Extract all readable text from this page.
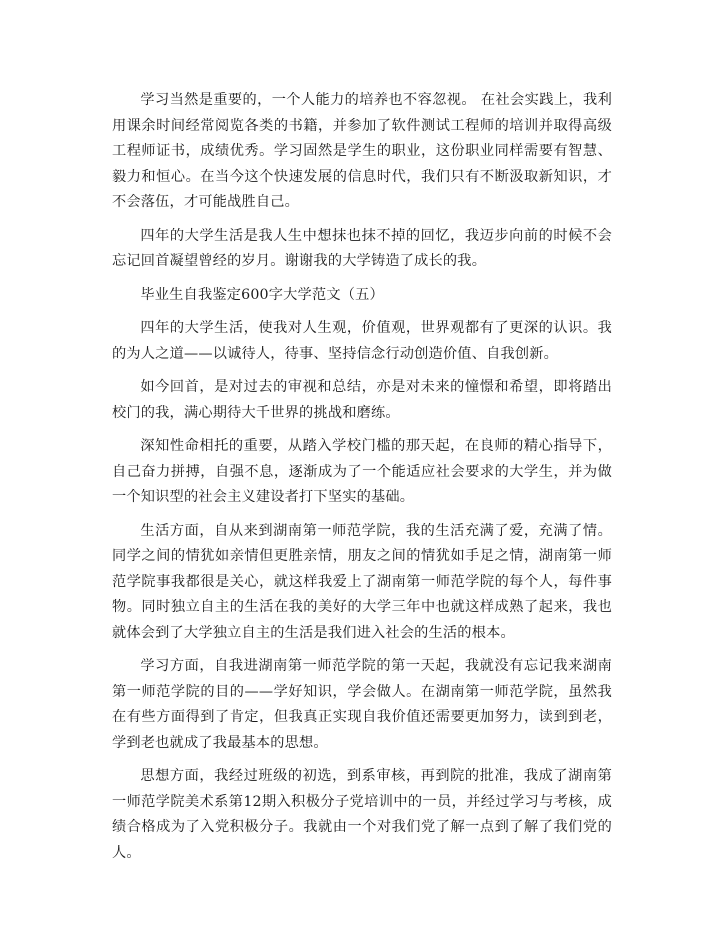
学习当然是重要的，一个人能力的培养也不容忽视。 在社会实践上，我利用课余时间经常阅览各类的书籍，并参加了软件测试工程师的培训并取得高级工程师证书，成绩优秀。学习固然是学生的职业，这份职业同样需要有智慧、毅力和恒心。在当今这个快速发展的信息时代，我们只有不断汲取新知识，才不会落伍，才可能战胜自己。

四年的大学生活是我人生中想抹也抹不掉的回忆，我迈步向前的时候不会忘记回首凝望曾经的岁月。谢谢我的大学铸造了成长的我。

毕业生自我鉴定600字大学范文（五）

四年的大学生活，使我对人生观，价值观，世界观都有了更深的认识。我的为人之道——以诚待人，待事、坚持信念行动创造价值、自我创新。

如今回首，是对过去的审视和总结，亦是对未来的憧憬和希望，即将踏出校门的我，满心期待大千世界的挑战和磨练。

深知性命相托的重要，从踏入学校门槛的那天起，在良师的精心指导下，自己奋力拼搏，自强不息，逐渐成为了一个能适应社会要求的大学生，并为做一个知识型的社会主义建设者打下坚实的基础。

生活方面，自从来到湖南第一师范学院，我的生活充满了爱，充满了情。同学之间的情犹如亲情但更胜亲情，朋友之间的情犹如手足之情，湖南第一师范学院事我都很是关心，就这样我爱上了湖南第一师范学院的每个人，每件事物。同时独立自主的生活在我的美好的大学三年中也就这样成熟了起来，我也就体会到了大学独立自主的生活是我们进入社会的生活的根本。

学习方面，自我进湖南第一师范学院的第一天起，我就没有忘记我来湖南第一师范学院的目的——学好知识，学会做人。在湖南第一师范学院，虽然我在有些方面得到了肯定，但我真正实现自我价值还需要更加努力，读到到老，学到老也就成了我最基本的思想。

思想方面，我经过班级的初选，到系审核，再到院的批准，我成了湖南第一师范学院美术系第12期入积极分子党培训中的一员，并经过学习与考核，成绩合格成为了入党积极分子。我就由一个对我们党了解一点到了解了我们党的人。
